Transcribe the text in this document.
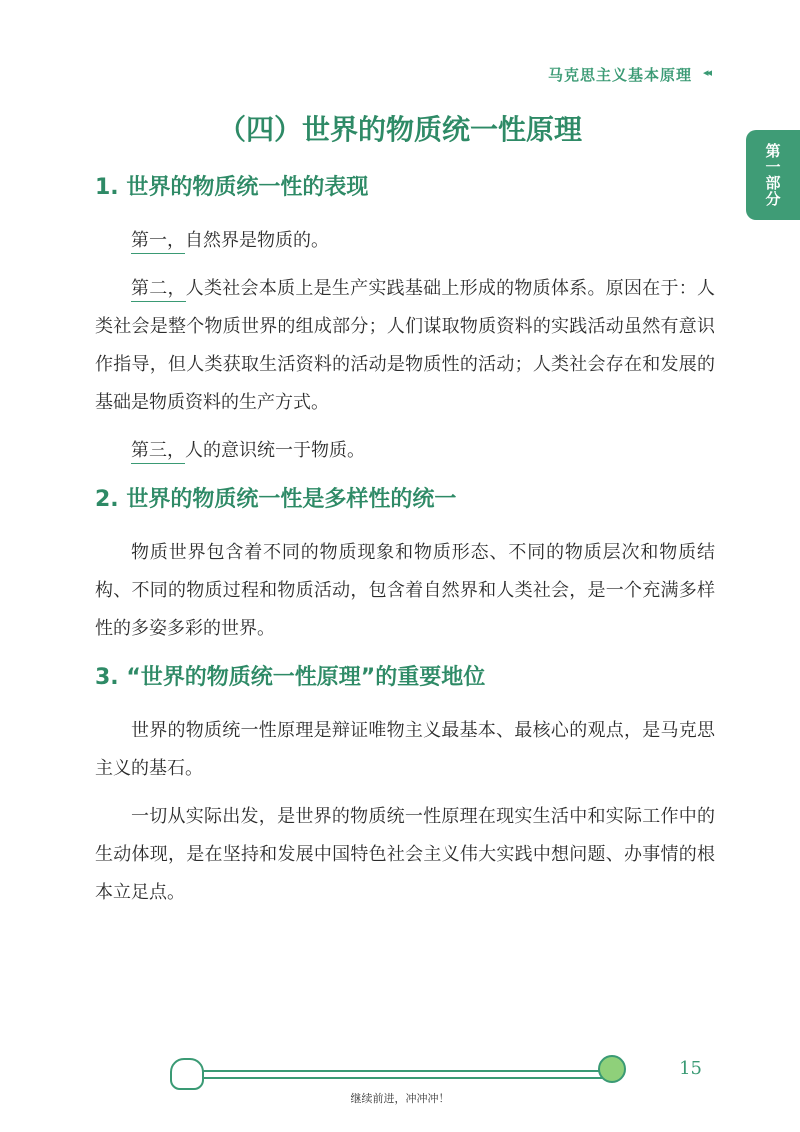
马克思主义基本原理 ◂◂
第一部分
（四）世界的物质统一性原理
1. 世界的物质统一性的表现

第一，自然界是物质的。

第二，人类社会本质上是生产实践基础上形成的物质体系。原因在于：人类社会是整个物质世界的组成部分；人们谋取物质资料的实践活动虽然有意识作指导，但人类获取生活资料的活动是物质性的活动；人类社会存在和发展的基础是物质资料的生产方式。

第三，人的意识统一于物质。

2. 世界的物质统一性是多样性的统一

物质世界包含着不同的物质现象和物质形态、不同的物质层次和物质结构、不同的物质过程和物质活动，包含着自然界和人类社会，是一个充满多样性的多姿多彩的世界。

3. “世界的物质统一性原理”的重要地位

世界的物质统一性原理是辩证唯物主义最基本、最核心的观点，是马克思主义的基石。

一切从实际出发，是世界的物质统一性原理在现实生活中和实际工作中的生动体现，是在坚持和发展中国特色社会主义伟大实践中想问题、办事情的根本立足点。

15
继续前进，冲冲冲！
